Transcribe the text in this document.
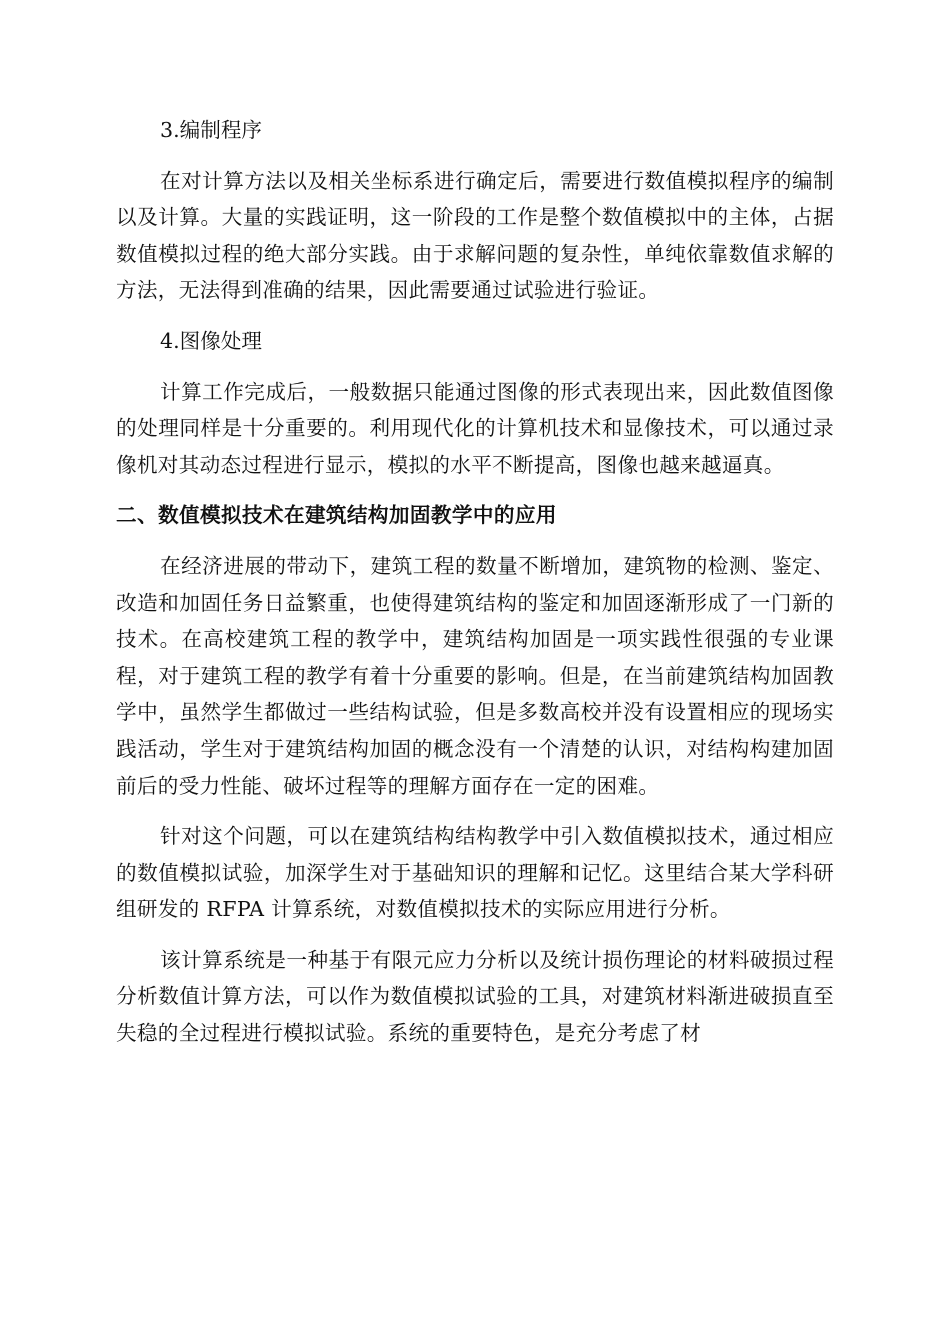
3.编制程序

在对计算方法以及相关坐标系进行确定后，需要进行数值模拟程序的编制以及计算。大量的实践证明，这一阶段的工作是整个数值模拟中的主体，占据数值模拟过程的绝大部分实践。由于求解问题的复杂性，单纯依靠数值求解的方法，无法得到准确的结果，因此需要通过试验进行验证。

4.图像处理

计算工作完成后，一般数据只能通过图像的形式表现出来，因此数值图像的处理同样是十分重要的。利用现代化的计算机技术和显像技术，可以通过录像机对其动态过程进行显示，模拟的水平不断提高，图像也越来越逼真。

二、数值模拟技术在建筑结构加固教学中的应用

在经济进展的带动下，建筑工程的数量不断增加，建筑物的检测、鉴定、改造和加固任务日益繁重，也使得建筑结构的鉴定和加固逐渐形成了一门新的技术。在高校建筑工程的教学中，建筑结构加固是一项实践性很强的专业课程，对于建筑工程的教学有着十分重要的影响。但是，在当前建筑结构加固教学中，虽然学生都做过一些结构试验，但是多数高校并没有设置相应的现场实践活动，学生对于建筑结构加固的概念没有一个清楚的认识，对结构构建加固前后的受力性能、破坏过程等的理解方面存在一定的困难。

针对这个问题，可以在建筑结构结构教学中引入数值模拟技术，通过相应的数值模拟试验，加深学生对于基础知识的理解和记忆。这里结合某大学科研组研发的 RFPA 计算系统，对数值模拟技术的实际应用进行分析。

该计算系统是一种基于有限元应力分析以及统计损伤理论的材料破损过程分析数值计算方法，可以作为数值模拟试验的工具，对建筑材料渐进破损直至失稳的全过程进行模拟试验。系统的重要特色，是充分考虑了材
